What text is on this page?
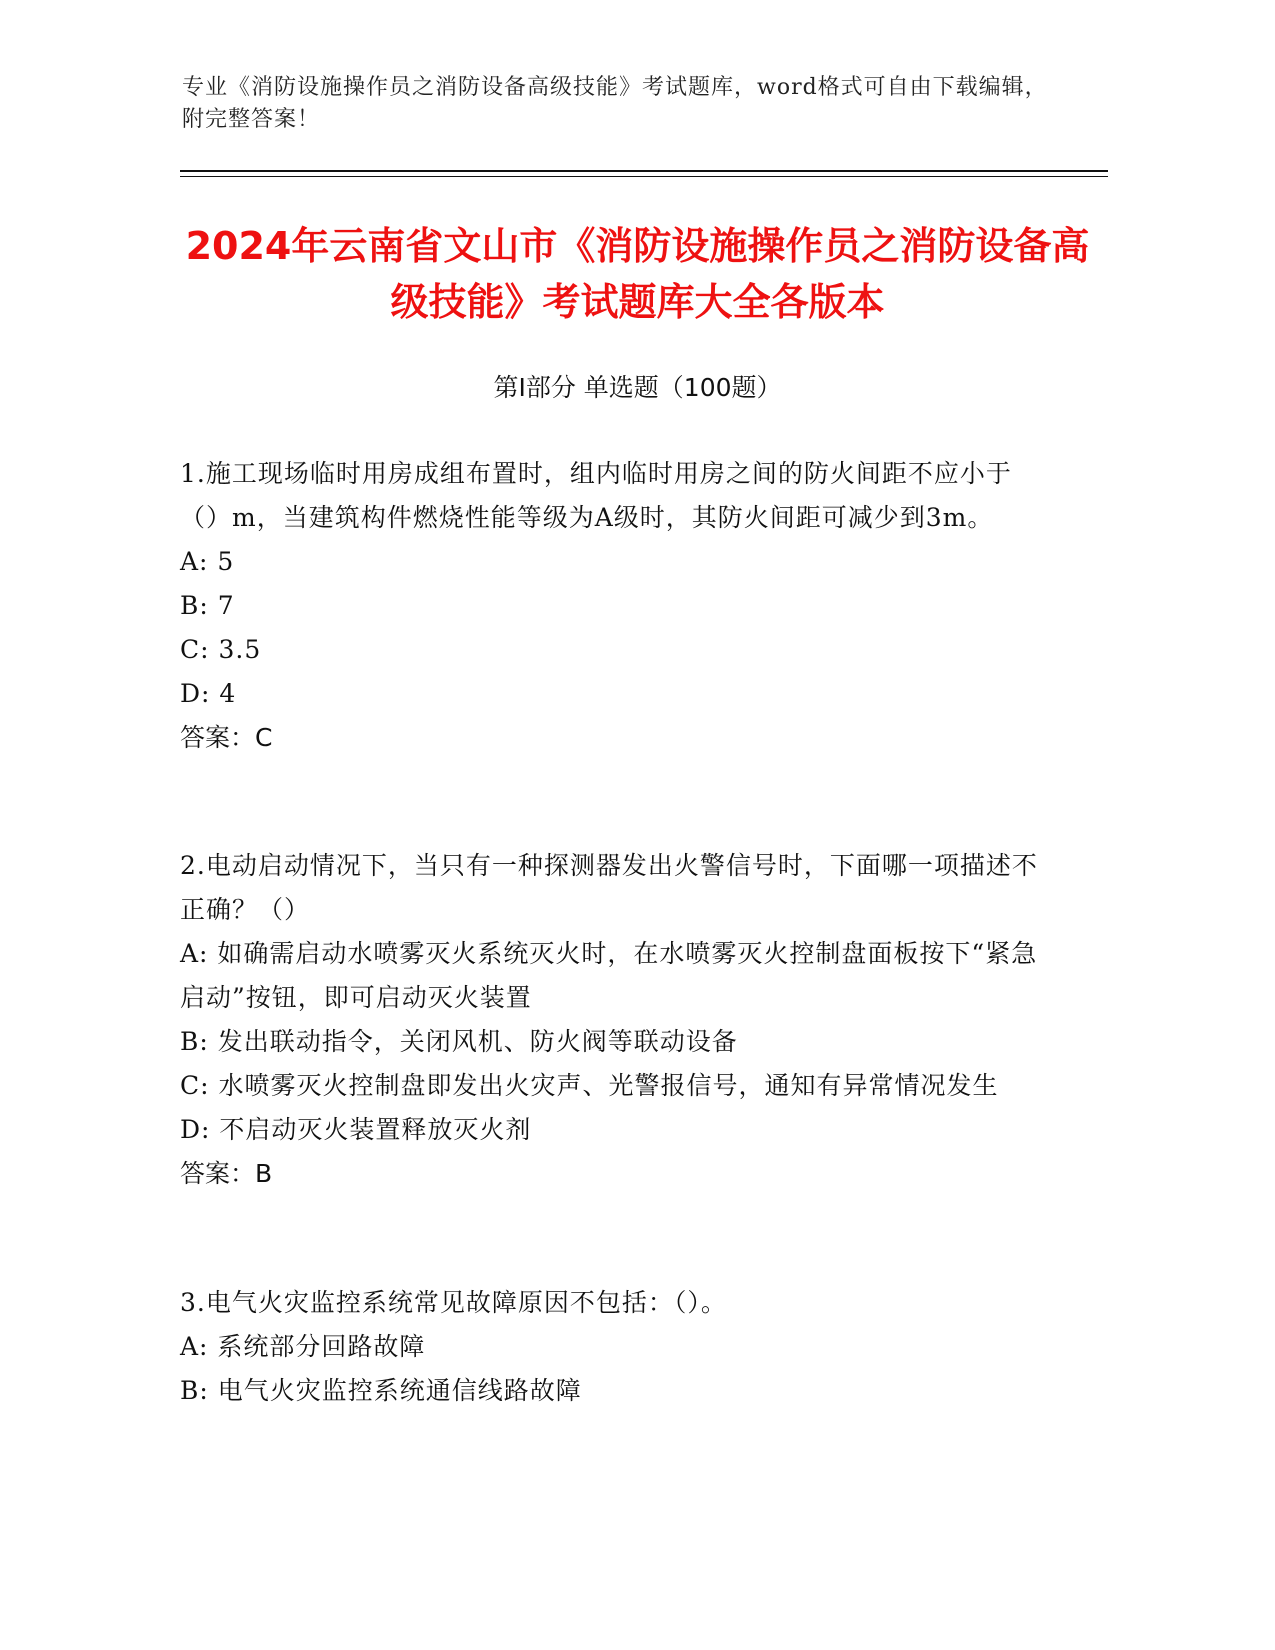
专业《消防设施操作员之消防设备高级技能》考试题库，word格式可自由下载编辑，附完整答案！
2024年云南省文山市《消防设施操作员之消防设备高级技能》考试题库大全各版本
第I部分 单选题（100题）
1.施工现场临时用房成组布置时，组内临时用房之间的防火间距不应小于（）m，当建筑构件燃烧性能等级为A级时，其防火间距可减少到3m。
A: 5
B: 7
C: 3.5
D: 4
答案：C
2.电动启动情况下，当只有一种探测器发出火警信号时，下面哪一项描述不正确？（）
A: 如确需启动水喷雾灭火系统灭火时，在水喷雾灭火控制盘面板按下“紧急启动”按钮，即可启动灭火装置
B: 发出联动指令，关闭风机、防火阀等联动设备
C: 水喷雾灭火控制盘即发出火灾声、光警报信号，通知有异常情况发生
D: 不启动灭火装置释放灭火剂
答案：B
3.电气火灾监控系统常见故障原因不包括：（）。
A: 系统部分回路故障
B: 电气火灾监控系统通信线路故障
